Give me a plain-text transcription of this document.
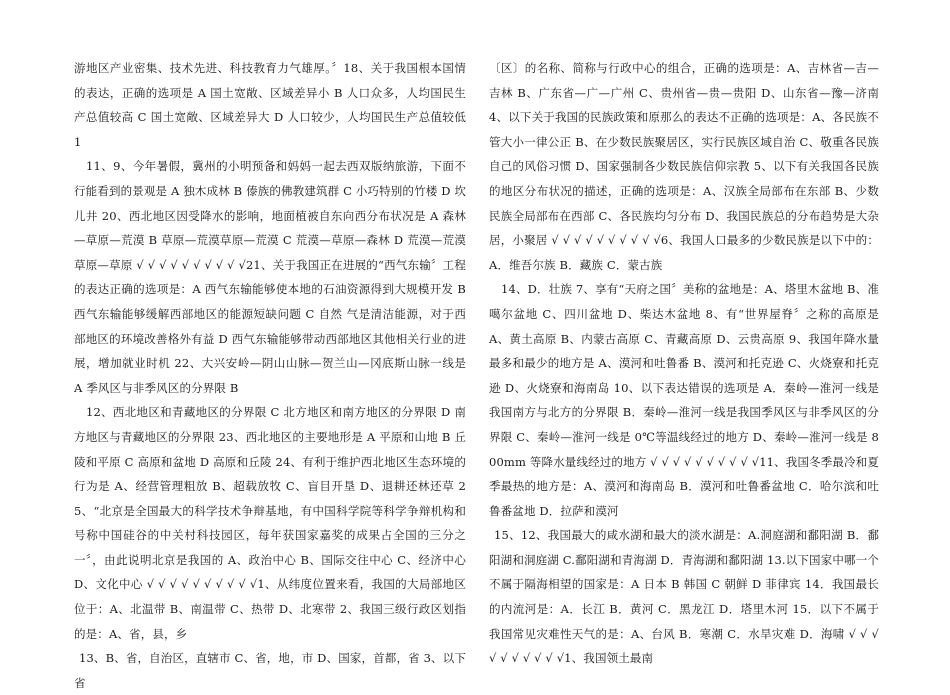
游地区产业密集、技术先进、科技教育力气雄厚。〞18、关于我国根本国情的表达，正确的选项是 A 国土宽敞、区域差异小 B 人口众多，人均国民生产总值较高 C 国土宽敞、区域差异大 D 人口较少，人均国民生产总值较低 1

11、9、今年暑假，冀州的小明预备和妈妈一起去西双版纳旅游，下面不行能看到的景观是 A 独木成林 B 傣族的佛教建筑群 C 小巧特别的竹楼 D 坎儿井 20、西北地区因受降水的影响，地面植被自东向西分布状况是 A 森林—草原—荒漠 B 草原—荒漠草原—荒漠 C 荒漠—草原—森林 D 荒漠—荒漠草原—草原 √ √ √ √ √ √ √ √ √ √21、关于我国正在进展的“西气东输〞工程的表达正确的选项是：A 西气东输能够使本地的石油资源得到大规模开发 B 西气东输能够缓解西部地区的能源短缺问题 C 自然 气是清洁能源，对于西部地区的环境改善格外有益 D 西气东输能够带动西部地区其他相关行业的进展，增加就业时机 22、大兴安岭—阴山山脉—贺兰山—冈底斯山脉一线是 A 季风区与非季风区的分界限 B

12、西北地区和青藏地区的分界限 C 北方地区和南方地区的分界限 D 南方地区与青藏地区的分界限 23、西北地区的主要地形是 A 平原和山地 B 丘陵和平原 C 高原和盆地 D 高原和丘陵 24、有利于维护西北地区生态环境的行为是 A、经营管理粗放 B、超载放牧 C、盲目开垦 D、退耕还林还草 25、“北京是全国最大的科学技术争辩基地，有中国科学院等科学争辩机构和号称中国硅谷的中关村科技园区，每年获国家嘉奖的成果占全国的三分之一〞，由此说明北京是我国的 A、政治中心 B、国际交往中心 C、经济中心 D、文化中心 √ √ √ √ √ √ √ √ √ √1、从纬度位置来看，我国的大局部地区位于：A、北温带 B、南温带 C、热带 D、北寒带 2、我国三级行政区划指的是：A、省，县，乡

13、B、省，自治区，直辖市 C、省，地，市 D、国家，首都，省 3、以下省

〔区〕的名称、简称与行政中心的组合，正确的选项是：A、吉林省—吉—吉林 B、广东省—广—广州 C、贵州省—贵—贵阳 D、山东省—豫—济南 4、以下关于我国的民族政策和原那么的表达不正确的选项是：A、各民族不管大小一律公正 B、在少数民族聚居区，实行民族区域自治 C、敬重各民族自己的风俗习惯 D、国家强制各少数民族信仰宗教 5、以下有关我国各民族的地区分布状况的描述，正确的选项是：A、汉族全局部布在东部 B、少数民族全局部布在西部 C、各民族均匀分布 D、我国民族总的分布趋势是大杂居，小聚居 √ √ √ √ √ √ √ √ √ √6、我国人口最多的少数民族是以下中的：A．维吾尔族 B．藏族 C．蒙古族

14、D．壮族 7、享有“天府之国〞美称的盆地是：A、塔里木盆地 B、准噶尔盆地 C、四川盆地 D、柴达木盆地 8、有“世界屋脊〞之称的高原是 A、黄土高原 B、内蒙古高原 C、青藏高原 D、云贵高原 9、我国年降水量最多和最少的地方是 A、漠河和吐鲁番 B、漠河和托克逊 C、火烧寮和托克逊 D、火烧寮和海南岛 10、以下表达错误的选项是 A．秦岭—淮河一线是我国南方与北方的分界限 B．秦岭—淮河一线是我国季风区与非季风区的分界限 C、秦岭—淮河一线是 0℃等温线经过的地方 D、秦岭—淮河一线是 800mm 等降水量线经过的地方 √ √ √ √ √ √ √ √ √ √11、我国冬季最冷和夏季最热的地方是：A、漠河和海南岛 B．漠河和吐鲁番盆地 C．哈尔滨和吐鲁番盆地 D．拉萨和漠河

15、12、我国最大的咸水湖和最大的淡水湖是：A.洞庭湖和鄱阳湖 B．鄱阳湖和洞庭湖 C.鄱阳湖和青海湖 D．青海湖和鄱阳湖 13.以下国家中哪一个不属于隔海相望的国家是：A 日本 B 韩国 C 朝鲜 D 菲律宾 14．我国最长的内流河是：A．长江 B．黄河 C．黑龙江 D．塔里木河 15．以下不属于我国常见灾难性天气的是：A、台风 B．寒潮 C．水旱灾难 D．海啸 √ √ √ √ √ √ √ √ √ √1、我国领土最南
